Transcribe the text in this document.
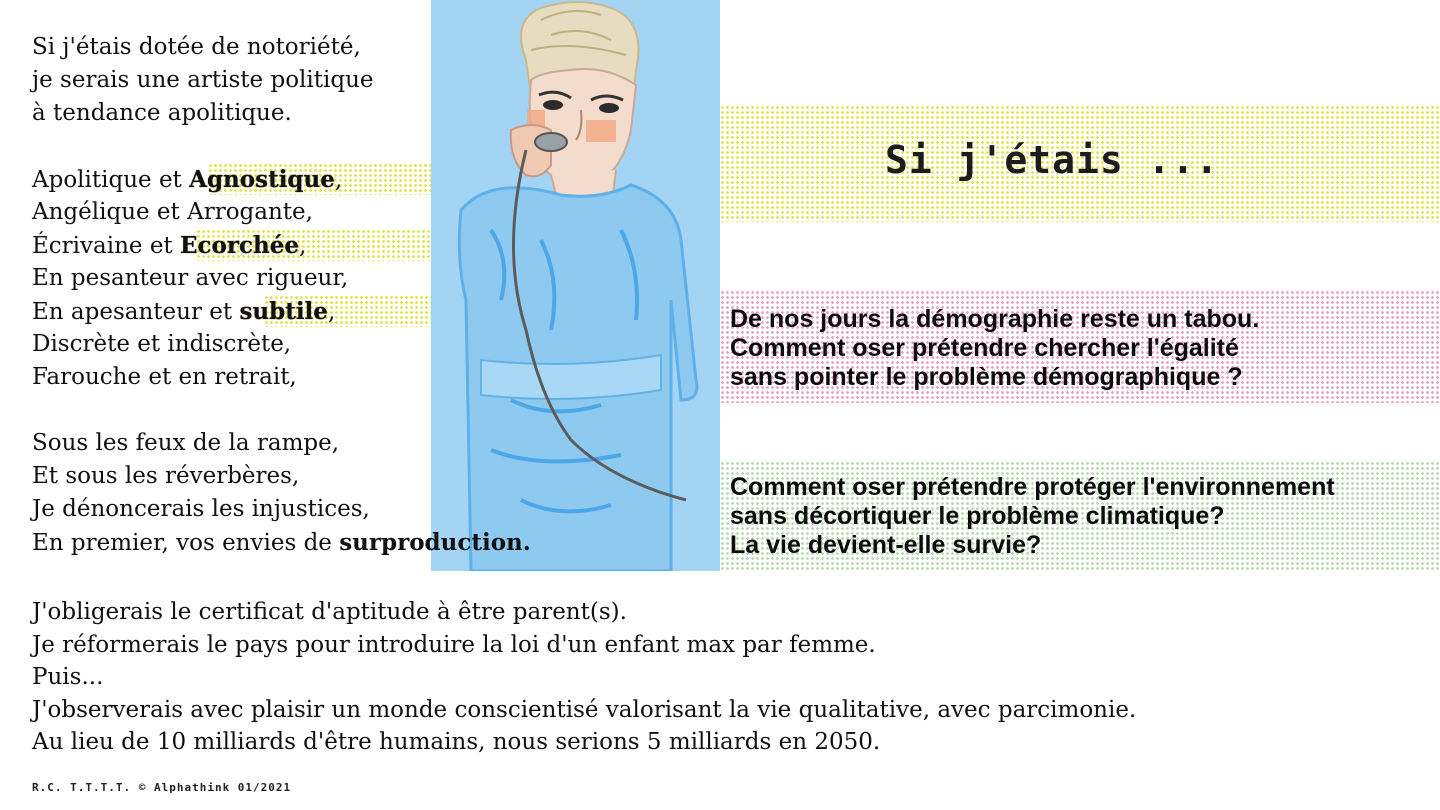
Si j'étais ...
De nos jours la démographie reste un tabou.
Comment oser prétendre chercher l'égalité
sans pointer le problème démographique ?
Comment oser prétendre protéger l'environnement
sans décortiquer le problème climatique?
La vie devient-elle survie?
Si j'étais dotée de notoriété,
je serais une artiste politique
à tendance apolitique.
Apolitique et Agnostique,
Angélique et Arrogante,
Écrivaine et Ecorchée,
En pesanteur avec rigueur,
En apesanteur et subtile,
Discrète et indiscrète,
Farouche et en retrait,
Sous les feux de la rampe,
Et sous les réverbères,
Je dénoncerais les injustices,
En premier, vos envies de surproduction.
J'obligerais le certificat d'aptitude à être parent(s).
Je réformerais le pays pour introduire la loi d'un enfant max par femme.
Puis...
J'observerais avec plaisir un monde conscientisé valorisant la vie qualitative, avec parcimonie.
Au lieu de 10 milliards d'être humains, nous serions 5 milliards en 2050.
R.C. T.T.T.T. © Alphathink 01/2021
